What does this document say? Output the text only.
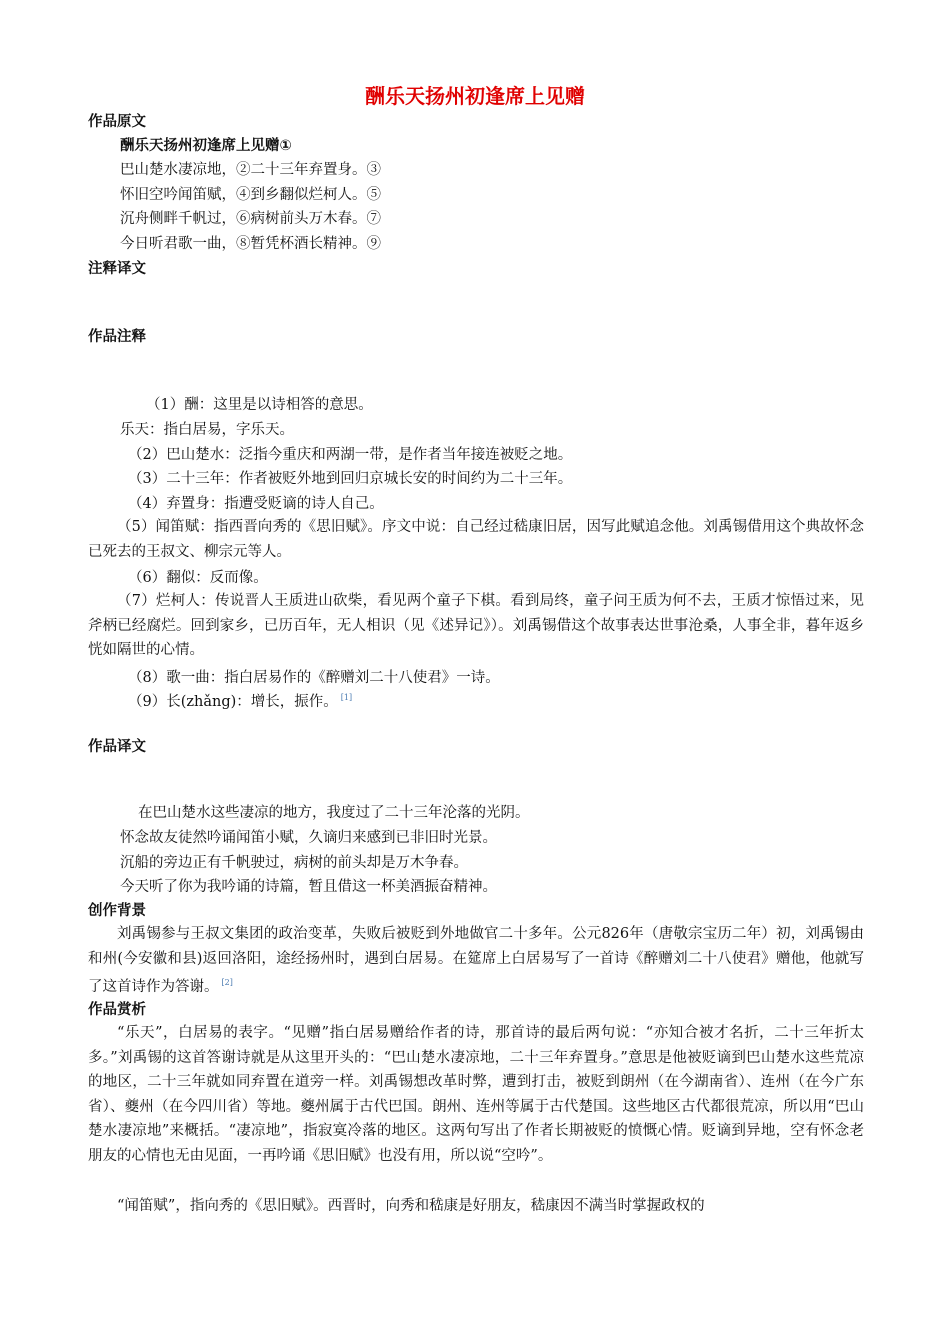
酬乐天扬州初逢席上见赠
作品原文
酬乐天扬州初逢席上见赠①
巴山楚水凄凉地，②二十三年弃置身。③
怀旧空吟闻笛赋，④到乡翻似烂柯人。⑤
沉舟侧畔千帆过，⑥病树前头万木春。⑦
今日听君歌一曲，⑧暂凭杯酒长精神。⑨
注释译文
作品注释
（1）酬：这里是以诗相答的意思。
乐天：指白居易，字乐天。
（2）巴山楚水：泛指今重庆和两湖一带，是作者当年接连被贬之地。
（3）二十三年：作者被贬外地到回归京城长安的时间约为二十三年。
（4）弃置身：指遭受贬谪的诗人自己。
（5）闻笛赋：指西晋向秀的《思旧赋》。序文中说：自己经过嵇康旧居，因写此赋追念他。刘禹锡借用这个典故怀念已死去的王叔文、柳宗元等人。
（6）翻似：反而像。
（7）烂柯人：传说晋人王质进山砍柴，看见两个童子下棋。看到局终，童子问王质为何不去，王质才惊悟过来，见斧柄已经腐烂。回到家乡，已历百年，无人相识（见《述异记》）。刘禹锡借这个故事表达世事沧桑，人事全非，暮年返乡恍如隔世的心情。
（8）歌一曲：指白居易作的《醉赠刘二十八使君》一诗。
（9）长(zhǎng)：增长，振作。 [1]
作品译文
在巴山楚水这些凄凉的地方，我度过了二十三年沦落的光阴。
怀念故友徒然吟诵闻笛小赋，久谪归来感到已非旧时光景。
沉船的旁边正有千帆驶过，病树的前头却是万木争春。
今天听了你为我吟诵的诗篇，暂且借这一杯美酒振奋精神。
创作背景
刘禹锡参与王叔文集团的政治变革，失败后被贬到外地做官二十多年。公元826年（唐敬宗宝历二年）初，刘禹锡由和州(今安徽和县)返回洛阳，途经扬州时，遇到白居易。在筵席上白居易写了一首诗《醉赠刘二十八使君》赠他，他就写了这首诗作为答谢。 [2]
作品赏析
“乐天”，白居易的表字。“见赠”指白居易赠给作者的诗，那首诗的最后两句说：“亦知合被才名折，二十三年折太多。”刘禹锡的这首答谢诗就是从这里开头的：“巴山楚水凄凉地，二十三年弃置身。”意思是他被贬谪到巴山楚水这些荒凉的地区，二十三年就如同弃置在道旁一样。刘禹锡想改革时弊，遭到打击，被贬到朗州（在今湖南省）、连州（在今广东省）、夔州（在今四川省）等地。夔州属于古代巴国。朗州、连州等属于古代楚国。这些地区古代都很荒凉，所以用“巴山楚水凄凉地”来概括。“凄凉地”，指寂寞冷落的地区。这两句写出了作者长期被贬的愤慨心情。贬谪到异地，空有怀念老朋友的心情也无由见面，一再吟诵《思旧赋》也没有用，所以说“空吟”。
“闻笛赋”，指向秀的《思旧赋》。西晋时，向秀和嵇康是好朋友，嵇康因不满当时掌握政权的
